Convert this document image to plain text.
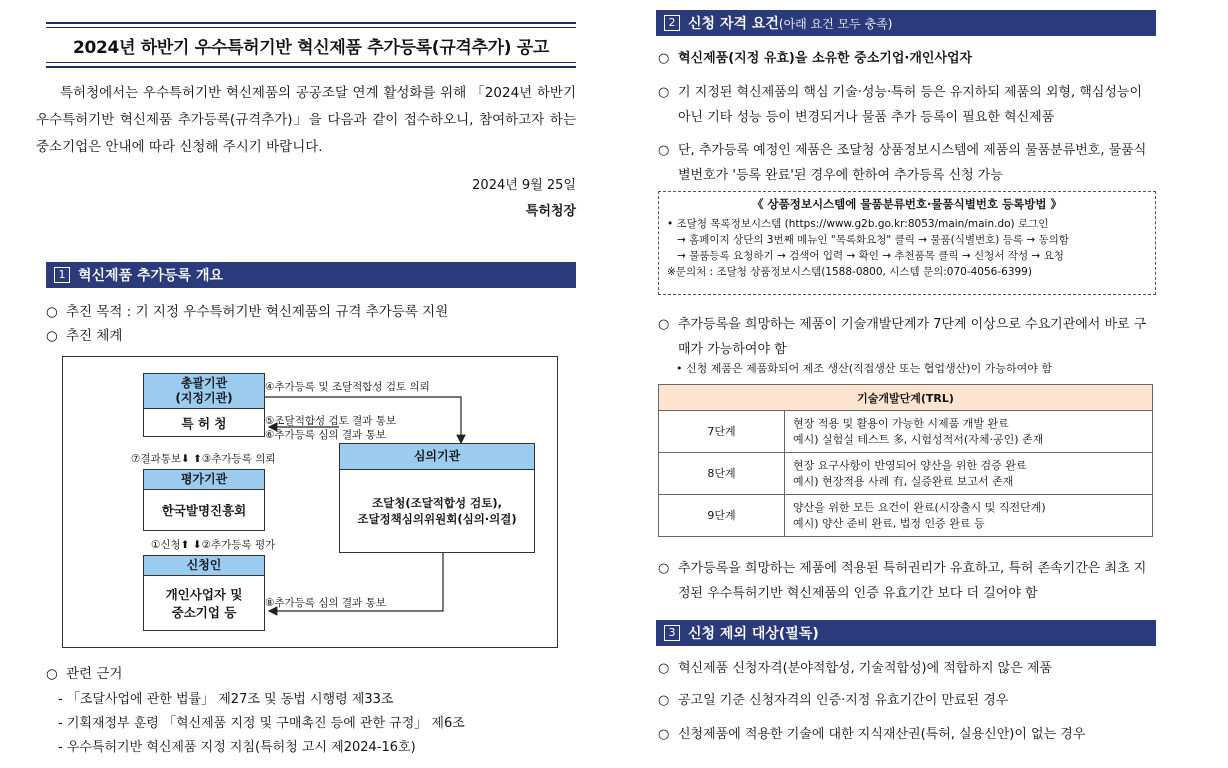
2024년 하반기 우수특허기반 혁신제품 추가등록(규격추가) 공고

특허청에서는 우수특허기반 혁신제품의 공공조달 연계 활성화를 위해 「2024년 하반기 우수특허기반 혁신제품 추가등록(규격추가)」을 다음과 같이 접수하오니, 참여하고자 하는 중소기업은 안내에 따라 신청해 주시기 바랍니다.

2024년 9월 25일
특허청장
1 혁신제품 추가등록 개요
○ 추진 목적 : 기 지정 우수특허기반 혁신제품의 규격 추가등록 지원
○ 추진 체계
총괄기관
(지정기관)
특 허 청
평가기관
한국발명진흥회
신청인
개인사업자 및
중소기업 등
심의기관
조달청(조달적합성 검토),
조달정책심의위원회(심의·의결)
④추가등록 및 조달적합성 검토 의뢰
⑤조달적합성 검토 결과 통보
⑥추가등록 심의 결과 통보
⑦결과통보⬇ ⬆③추가등록 의뢰
①신청⬆ ⬇②추가등록 평가
⑧추가등록 심의 결과 통보
○ 관련 근거
- 「조달사업에 관한 법률」 제27조 및 동법 시행령 제33조
- 기획재정부 훈령 「혁신제품 지정 및 구매촉진 등에 관한 규정」 제6조
- 우수특허기반 혁신제품 지정 지침(특허청 고시 제2024-16호)
2 신청 자격 요건 (아래 요건 모두 충족)
○ 혁신제품(지정 유효)을 소유한 중소기업·개인사업자
○ 기 지정된 혁신제품의 핵심 기술·성능·특허 등은 유지하되 제품의 외형, 핵심성능이 아닌 기타 성능 등이 변경되거나 물품 추가 등록이 필요한 혁신제품
○ 단, 추가등록 예정인 제품은 조달청 상품정보시스템에 제품의 물품분류번호, 물품식별번호가 '등록 완료'된 경우에 한하여 추가등록 신청 가능
《 상품정보시스템에 물품분류번호·물품식별번호 등록방법 》
• 조달청 목록정보시스템 (https://www.g2b.go.kr:8053/main/main.do) 로그인
→ 홈페이지 상단의 3번째 메뉴인 "목록화요청" 클릭 → 물품(식별번호) 등록 → 동의함
→ 물품등록 요청하기 → 검색어 입력 → 확인 → 추천품목 클릭 → 신청서 작성 → 요청
※문의처 : 조달청 상품정보시스템(1588-0800, 시스템 문의:070-4056-6399)
○ 추가등록을 희망하는 제품이 기술개발단계가 7단계 이상으로 수요기관에서 바로 구매가 가능하여야 함
• 신청 제품은 제품화되어 제조 생산(직접생산 또는 협업생산)이 가능하여야 함
기술개발단계(TRL)	
7단계	현장 적용 및 활용이 가능한 시제품 개발 완료
예시) 실험실 테스트 多, 시험성적서(자체·공인) 존재

8단계	현장 요구사항이 반영되어 양산을 위한 검증 완료
예시) 현장적용 사례 有, 실증완료 보고서 존재

9단계	양산을 위한 모든 요건이 완료(시장출시 및 직전단계)
예시) 양산 준비 완료, 법정 인증 완료 등
○ 추가등록을 희망하는 제품에 적용된 특허권리가 유효하고, 특허 존속기간은 최초 지정된 우수특허기반 혁신제품의 인증 유효기간 보다 더 길어야 함
3 신청 제외 대상(필독)
○ 혁신제품 신청자격(분야적합성, 기술적합성)에 적합하지 않은 제품
○ 공고일 기준 신청자격의 인증·지정 유효기간이 만료된 경우
○ 신청제품에 적용한 기술에 대한 지식재산권(특허, 실용신안)이 없는 경우
